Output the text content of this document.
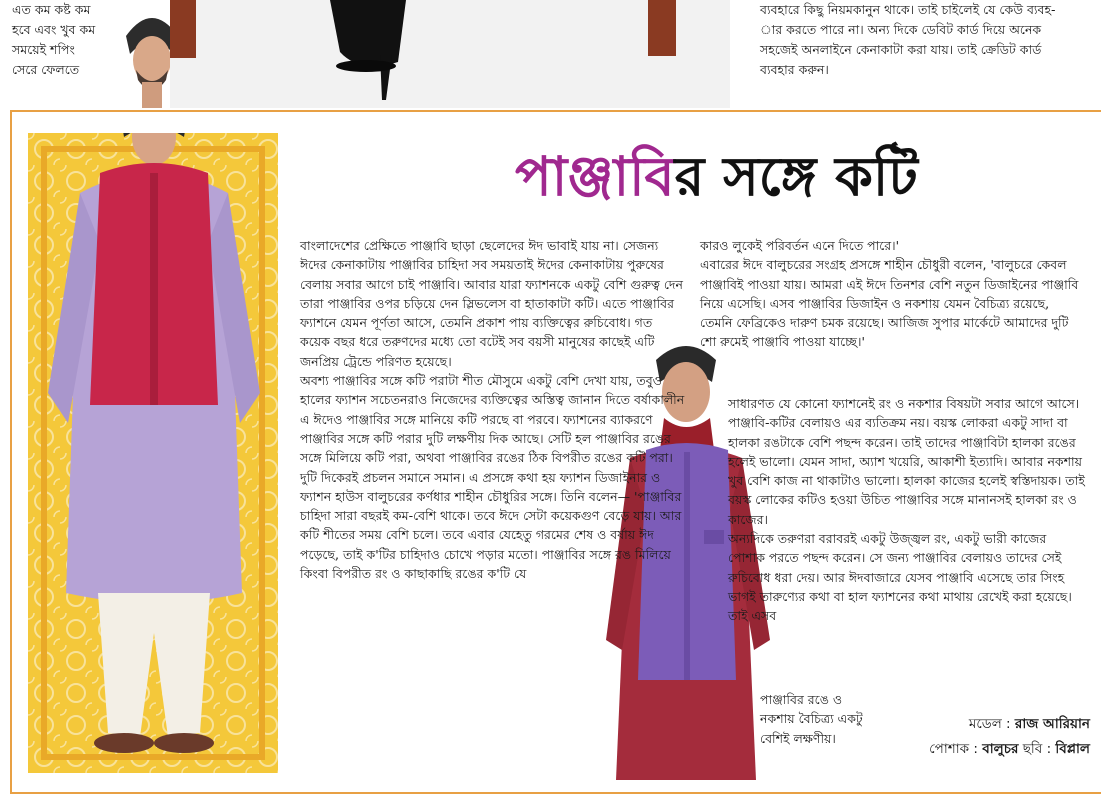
এত কম কষ্ট কম
হবে এবং খুব কম
সময়েই শপিং
সেরে ফেলতে
ব্যবহারে কিছু নিয়মকানুন থাকে। তাই চাইলেই যে কেউ ব্যবহ-
ার করতে পারে না। অন্য দিকে ডেবিট কার্ড দিয়ে অনেক
সহজেই অনলাইনে কেনাকাটা করা যায়। তাই ক্রেডিট কার্ড
ব্যবহার করুন।
পাঞ্জাবির সঙ্গে কটি

বাংলাদেশের প্রেক্ষিতে পাঞ্জাবি ছাড়া ছেলেদের ঈদ ভাবাই যায় না। সেজন্য ঈদের কেনাকাটায় পাঞ্জাবির চাহিদা সব সময়তাই ঈদের কেনাকাটায় পুরুষের বেলায় সবার আগে চাই পাঞ্জাবি। আবার যারা ফ্যাশনকে একটু বেশি গুরুত্ব দেন তারা পাঞ্জাবির ওপর চড়িয়ে দেন স্লিভলেস বা হাতাকাটা কটি। এতে পাঞ্জাবির ফ্যাশনে যেমন পূর্ণতা আসে, তেমনি প্রকাশ পায় ব্যক্তিত্বের রুচিবোধ। গত কয়েক বছর ধরে তরুণদের মধ্যে তো বটেই সব বয়সী মানুষের কাছেই এটি জনপ্রিয় ট্রেন্ডে পরিণত হয়েছে।

অবশ্য পাঞ্জাবির সঙ্গে কটি পরাটা শীত মৌসুমে একটু বেশি দেখা যায়, তবুও হালের ফ্যাশন সচেতনরাও নিজেদের ব্যক্তিত্বের অস্তিত্ব জানান দিতে বর্ষাকালীন এ ঈদেও পাঞ্জাবির সঙ্গে মানিয়ে কটি পরছে বা পরবে। ফ্যাশনের ব্যাকরণে পাঞ্জাবির সঙ্গে কটি পরার দুটি লক্ষণীয় দিক আছে। সেটি হল পাঞ্জাবির রঙের সঙ্গে মিলিয়ে কটি পরা, অথবা পাঞ্জাবির রঙের ঠিক বিপরীত রঙের কটি পরা। দুটি দিকেরই প্রচলন সমানে সমান। এ প্রসঙ্গে কথা হয় ফ্যাশন ডিজাইনার ও ফ্যাশন হাউস বালুচরের কর্ণধার শাহীন চৌধুরির সঙ্গে। তিনি বলেন— 'পাঞ্জাবির চাহিদা সারা বছরই কম-বেশি থাকে। তবে ঈদে সেটা কয়েকগুণ বেড়ে যায়। আর কটি শীতের সময় বেশি চলে। তবে এবার যেহেতু গরমের শেষ ও বর্ষায় ঈদ পড়েছে, তাই ক'টির চাহিদাও চোখে পড়ার মতো। পাঞ্জাবির সঙ্গে রঙ মিলিয়ে কিংবা বিপরীত রং ও কাছাকাছি রঙের ক'টি যে

কারও লুকেই পরিবর্তন এনে দিতে পারে।'

এবারের ঈদে বালুচরের সংগ্রহ প্রসঙ্গে শাহীন চৌধুরী বলেন, 'বালুচরে কেবল পাঞ্জাবিই পাওয়া যায়। আমরা এই ঈদে তিনশর বেশি নতুন ডিজাইনের পাঞ্জাবি নিয়ে এসেছি। এসব পাঞ্জাবির ডিজাইন ও নকশায় যেমন বৈচিত্র্য রয়েছে, তেমনি ফেব্রিকেও দারুণ চমক রয়েছে। আজিজ সুপার মার্কেটে আমাদের দুটি শো রুমেই পাঞ্জাবি পাওয়া যাচ্ছে।'

সাধারণত যে কোনো ফ্যাশনেই রং ও নকশার বিষয়টা সবার আগে আসে। পাঞ্জাবি-কটির বেলায়ও এর ব্যতিক্রম নয়। বয়স্ক লোকরা একটু সাদা বা হালকা রঙটাকে বেশি পছন্দ করেন। তাই তাদের পাঞ্জাবিটা হালকা রঙের হলেই ভালো। যেমন সাদা, অ্যাশ খয়েরি, আকাশী ইত্যাদি। আবার নকশায় খুব বেশি কাজ না থাকাটাও ভালো। হালকা কাজের হলেই স্বস্তিদায়ক। তাই বয়স্ক লোকের কটিও হওয়া উচিত পাঞ্জাবির সঙ্গে মানানসই হালকা রং ও কাজের।

অন্যদিকে তরুণরা বরাবরই একটু উজ্জ্বল রং, একটু ভারী কাজের পোশাক পরতে পছন্দ করেন। সে জন্য পাঞ্জাবির বেলায়ও তাদের সেই রুচিবোধ ধরা দেয়। আর ঈদবাজারে যেসব পাঞ্জাবি এসেছে তার সিংহ ভাগই তারুণ্যের কথা বা হাল ফ্যাশনের কথা মাথায় রেখেই করা হয়েছে। তাই এসব

পাঞ্জাবির রঙে ও নকশায় বৈচিত্র্য একটু বেশিই লক্ষণীয়।

মডেল : রাজ আরিয়ান
পোশাক : বালুচর ছবি : বিপ্লাল
